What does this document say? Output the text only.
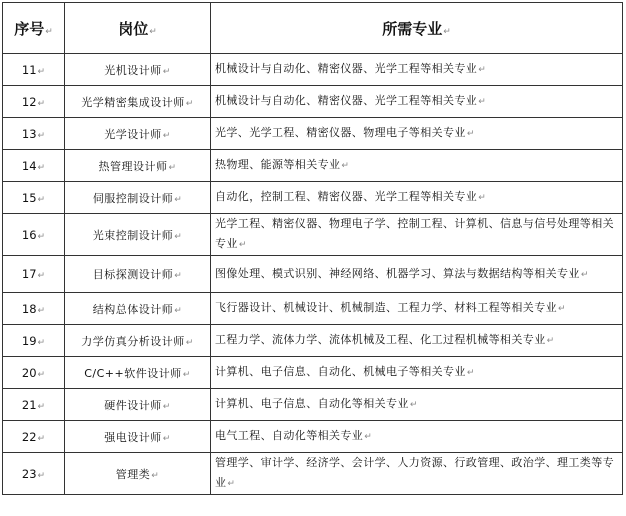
序号↵	岗位↵	所需专业↵
11↵	光机设计师↵	机械设计与自动化、精密仪器、光学工程等相关专业↵
12↵	光学精密集成设计师↵	机械设计与自动化、精密仪器、光学工程等相关专业↵
13↵	光学设计师↵	光学、光学工程、精密仪器、物理电子等相关专业↵
14↵	热管理设计师↵	热物理、能源等相关专业↵
15↵	伺服控制设计师↵	自动化，控制工程、精密仪器、光学工程等相关专业↵
16↵	光束控制设计师↵	光学工程、精密仪器、物理电子学、控制工程、计算机、信息与信号处理等相关专业↵
17↵	目标探测设计师↵	图像处理、模式识别、神经网络、机器学习、算法与数据结构等相关专业↵
18↵	结构总体设计师↵	飞行器设计、机械设计、机械制造、工程力学、材料工程等相关专业↵
19↵	力学仿真分析设计师↵	工程力学、流体力学、流体机械及工程、化工过程机械等相关专业↵
20↵	C/C++软件设计师↵	计算机、电子信息、自动化、机械电子等相关专业↵
21↵	硬件设计师↵	计算机、电子信息、自动化等相关专业↵
22↵	强电设计师↵	电气工程、自动化等相关专业↵
23↵	管理类↵	管理学、审计学、经济学、会计学、人力资源、行政管理、政治学、理工类等专业↵
